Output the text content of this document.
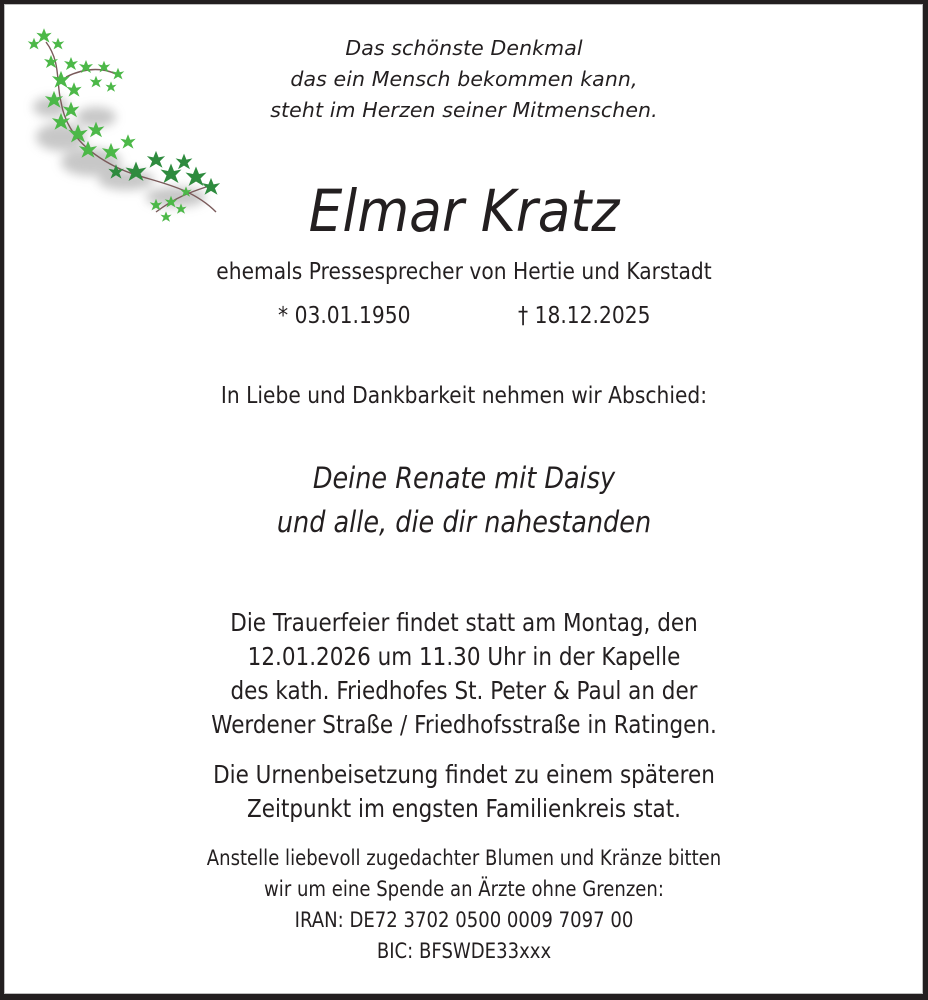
Das schönste Denkmal
das ein Mensch bekommen kann,
steht im Herzen seiner Mitmenschen.
Elmar Kratz
ehemals Pressesprecher von Hertie und Karstadt
* 03.01.1950	† 18.12.2025
In Liebe und Dankbarkeit nehmen wir Abschied:
Deine Renate mit Daisy
und alle, die dir nahestanden
Die Trauerfeier findet statt am Montag, den
12.01.2026 um 11.30 Uhr in der Kapelle
des kath. Friedhofes St. Peter & Paul an der
Werdener Straße / Friedhofsstraße in Ratingen.
Die Urnenbeisetzung findet zu einem späteren
Zeitpunkt im engsten Familienkreis stat.
Anstelle liebevoll zugedachter Blumen und Kränze bitten
wir um eine Spende an Ärzte ohne Grenzen:
IRAN: DE72 3702 0500 0009 7097 00
BIC: BFSWDE33xxx
